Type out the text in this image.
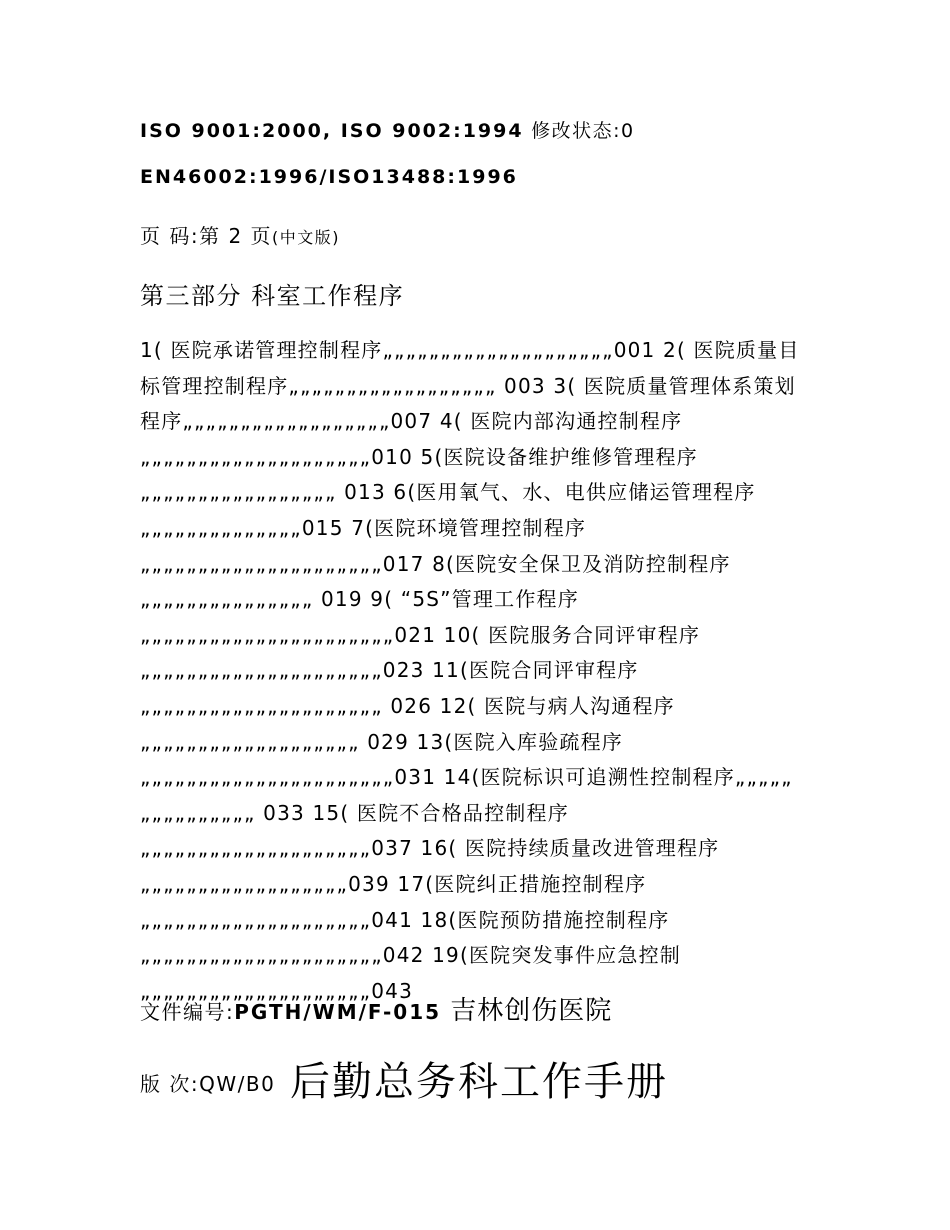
ISO 9001:2000, ISO 9002:1994 修改状态:0
EN46002:1996/ISO13488:1996
页 码:第 2 页(中文版)
第三部分 科室工作程序
1( 医院承诺管理控制程序„„„„„„„„„„„„„„„„„„„„001 2( 医院质量目标管理控制程序„„„„„„„„„„„„„„„„„„ 003 3( 医院质量管理体系策划程序„„„„„„„„„„„„„„„„„„007 4( 医院内部沟通控制程序„„„„„„„„„„„„„„„„„„„„010 5(医院设备维护维修管理程序„„„„„„„„„„„„„„„„„ 013 6(医用氧气、水、电供应储运管理程序„„„„„„„„„„„„„„015 7(医院环境管理控制程序„„„„„„„„„„„„„„„„„„„„„017 8(医院安全保卫及消防控制程序„„„„„„„„„„„„„„„ 019 9( “5S”管理工作程序„„„„„„„„„„„„„„„„„„„„„„021 10( 医院服务合同评审程序„„„„„„„„„„„„„„„„„„„„„023 11(医院合同评审程序„„„„„„„„„„„„„„„„„„„„„ 026 12( 医院与病人沟通程序„„„„„„„„„„„„„„„„„„„ 029 13(医院入库验疏程序„„„„„„„„„„„„„„„„„„„„„„031 14(医院标识可追溯性控制程序„„„„„ „„„„„„„„„„ 033 15( 医院不合格品控制程序„„„„„„„„„„„„„„„„„„„„037 16( 医院持续质量改进管理程序„„„„„„„„„„„„„„„„„„039 17(医院纠正措施控制程序„„„„„„„„„„„„„„„„„„„„041 18(医院预防措施控制程序„„„„„„„„„„„„„„„„„„„„„042 19(医院突发事件应急控制„„„„„„„„„„„„„„„„„„„„043
文件编号:PGTH/WM/F-015 吉林创伤医院
版 次:QW/B0 后勤总务科工作手册
